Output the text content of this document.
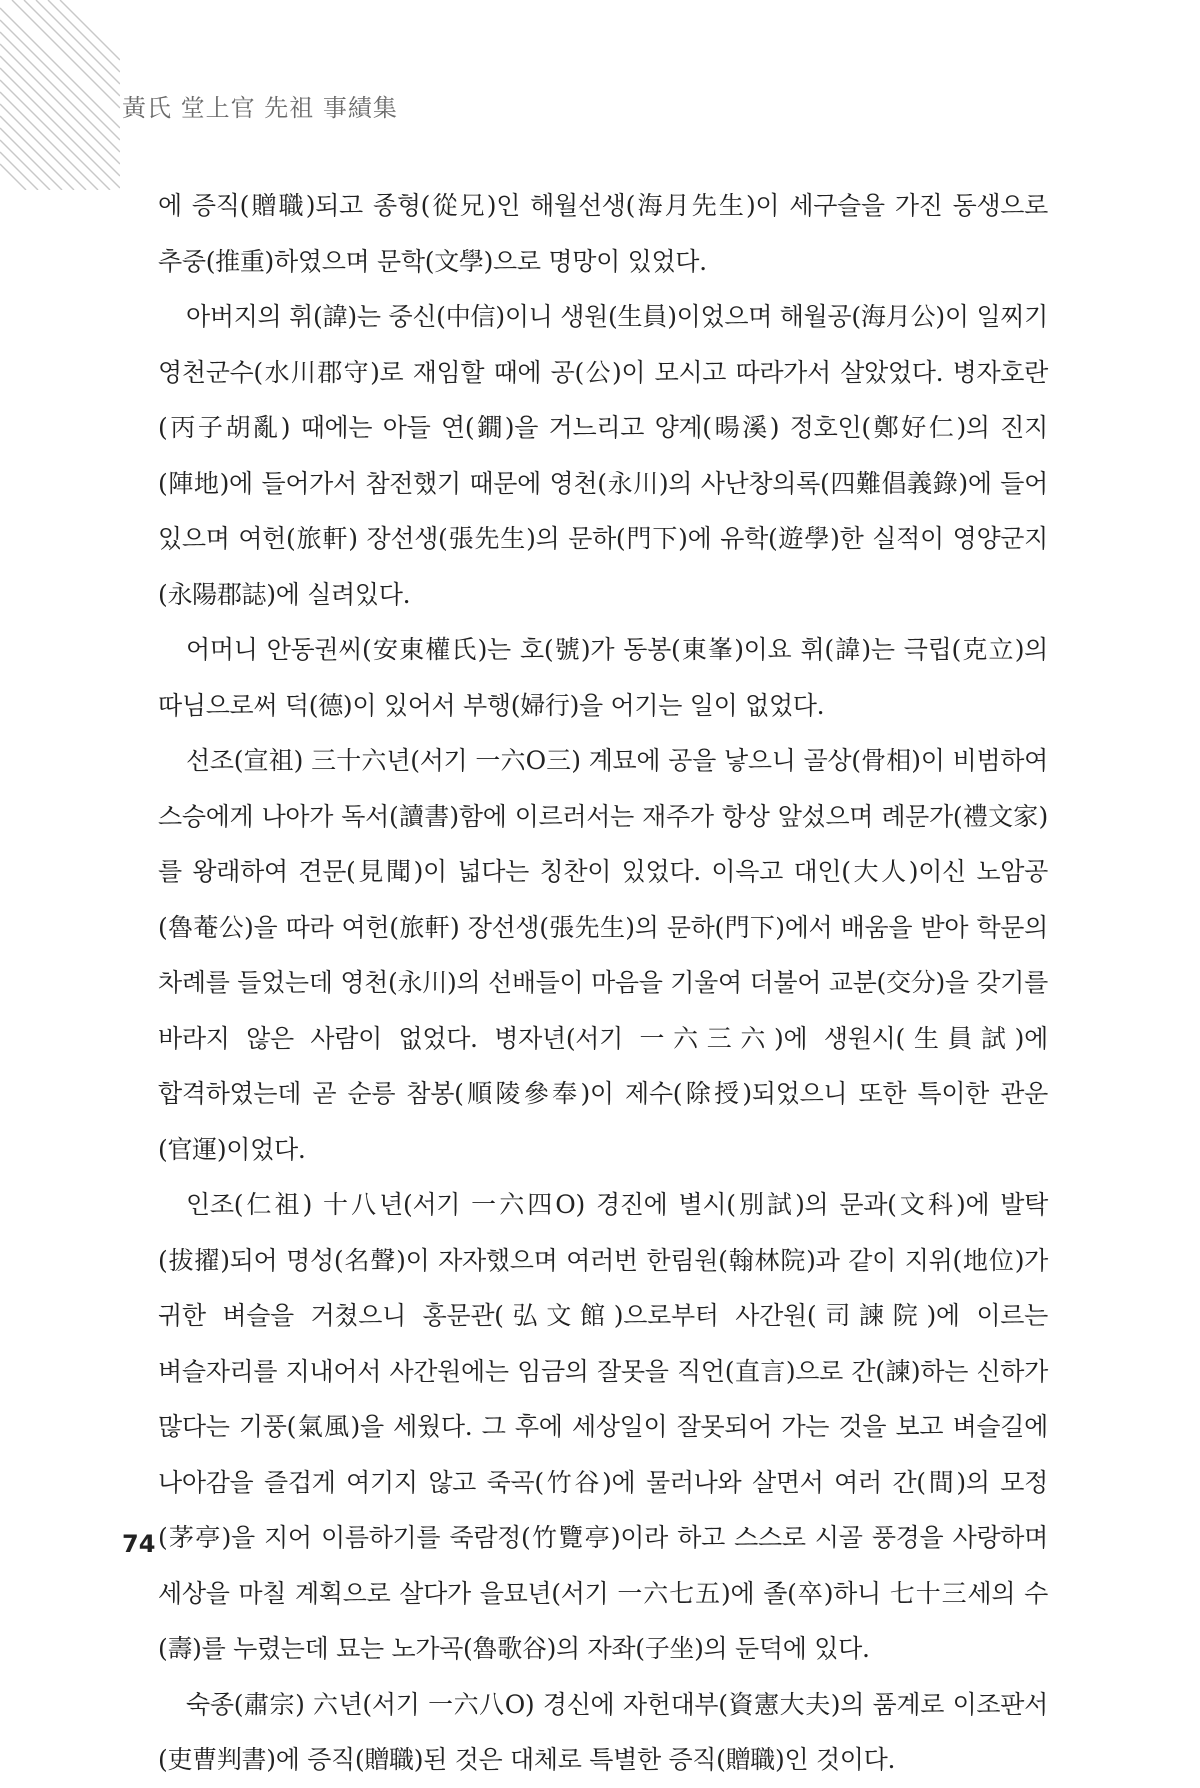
黃氏 堂上官 先祖 事績集

에 증직(贈職)되고 종형(從兄)인 해월선생(海月先生)이 세구슬을 가진 동생으로 추중(推重)하였으며 문학(文學)으로 명망이 있었다.

아버지의 휘(諱)는 중신(中信)이니 생원(生員)이었으며 해월공(海月公)이 일찌기 영천군수(水川郡守)로 재임할 때에 공(公)이 모시고 따라가서 살았었다. 병자호란(丙子胡亂) 때에는 아들 연(鐗)을 거느리고 양계(暘溪) 정호인(鄭好仁)의 진지(陣地)에 들어가서 참전했기 때문에 영천(永川)의 사난창의록(四難倡義錄)에 들어 있으며 여헌(旅軒) 장선생(張先生)의 문하(門下)에 유학(遊學)한 실적이 영양군지(永陽郡誌)에 실려있다.

어머니 안동권씨(安東權氏)는 호(號)가 동봉(東峯)이요 휘(諱)는 극립(克立)의 따님으로써 덕(德)이 있어서 부행(婦行)을 어기는 일이 없었다.

선조(宣祖) 三十六년(서기 一六O三) 계묘에 공을 낳으니 골상(骨相)이 비범하여 스승에게 나아가 독서(讀書)함에 이르러서는 재주가 항상 앞섰으며 례문가(禮文家)를 왕래하여 견문(見聞)이 넓다는 칭찬이 있었다. 이윽고 대인(大人)이신 노암공(魯菴公)을 따라 여헌(旅軒) 장선생(張先生)의 문하(門下)에서 배움을 받아 학문의 차례를 들었는데 영천(永川)의 선배들이 마음을 기울여 더불어 교분(交分)을 갖기를 바라지 않은 사람이 없었다. 병자년(서기 一六三六)에 생원시(生員試)에 합격하였는데 곧 순릉 참봉(順陵參奉)이 제수(除授)되었으니 또한 특이한 관운(官運)이었다.

인조(仁祖) 十八년(서기 一六四O) 경진에 별시(別試)의 문과(文科)에 발탁(拔擢)되어 명성(名聲)이 자자했으며 여러번 한림원(翰林院)과 같이 지위(地位)가 귀한 벼슬을 거쳤으니 홍문관(弘文館)으로부터 사간원(司諫院)에 이르는 벼슬자리를 지내어서 사간원에는 임금의 잘못을 직언(直言)으로 간(諫)하는 신하가 많다는 기풍(氣風)을 세웠다. 그 후에 세상일이 잘못되어 가는 것을 보고 벼슬길에 나아감을 즐겁게 여기지 않고 죽곡(竹谷)에 물러나와 살면서 여러 간(間)의 모정(茅亭)을 지어 이름하기를 죽람정(竹覽亭)이라 하고 스스로 시골 풍경을 사랑하며 세상을 마칠 계획으로 살다가 을묘년(서기 一六七五)에 졸(卒)하니 七十三세의 수(壽)를 누렸는데 묘는 노가곡(魯歌谷)의 자좌(子坐)의 둔덕에 있다.

숙종(肅宗) 六년(서기 一六八O) 경신에 자헌대부(資憲大夫)의 품계로 이조판서(吏曹判書)에 증직(贈職)된 것은 대체로 특별한 증직(贈職)인 것이다.

74
